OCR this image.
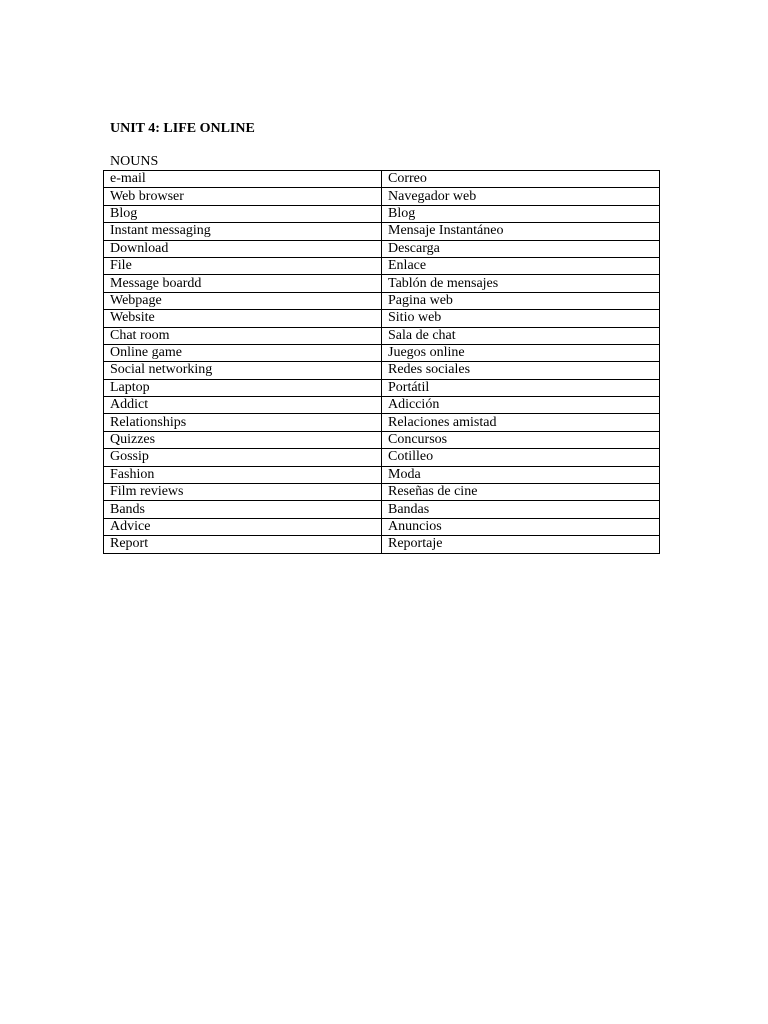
UNIT 4: LIFE ONLINE
NOUNS
e-mail	Correo
Web browser	Navegador web
Blog	Blog
Instant messaging	Mensaje Instantáneo
Download	Descarga
File	Enlace
Message boardd	Tablón de mensajes
Webpage	Pagina web
Website	Sitio web
Chat room	Sala de chat
Online game	Juegos online
Social networking	Redes sociales
Laptop	Portátil
Addict	Adicción
Relationships	Relaciones amistad
Quizzes	Concursos
Gossip	Cotilleo
Fashion	Moda
Film reviews	Reseñas de cine
Bands	Bandas
Advice	Anuncios
Report	Reportaje
